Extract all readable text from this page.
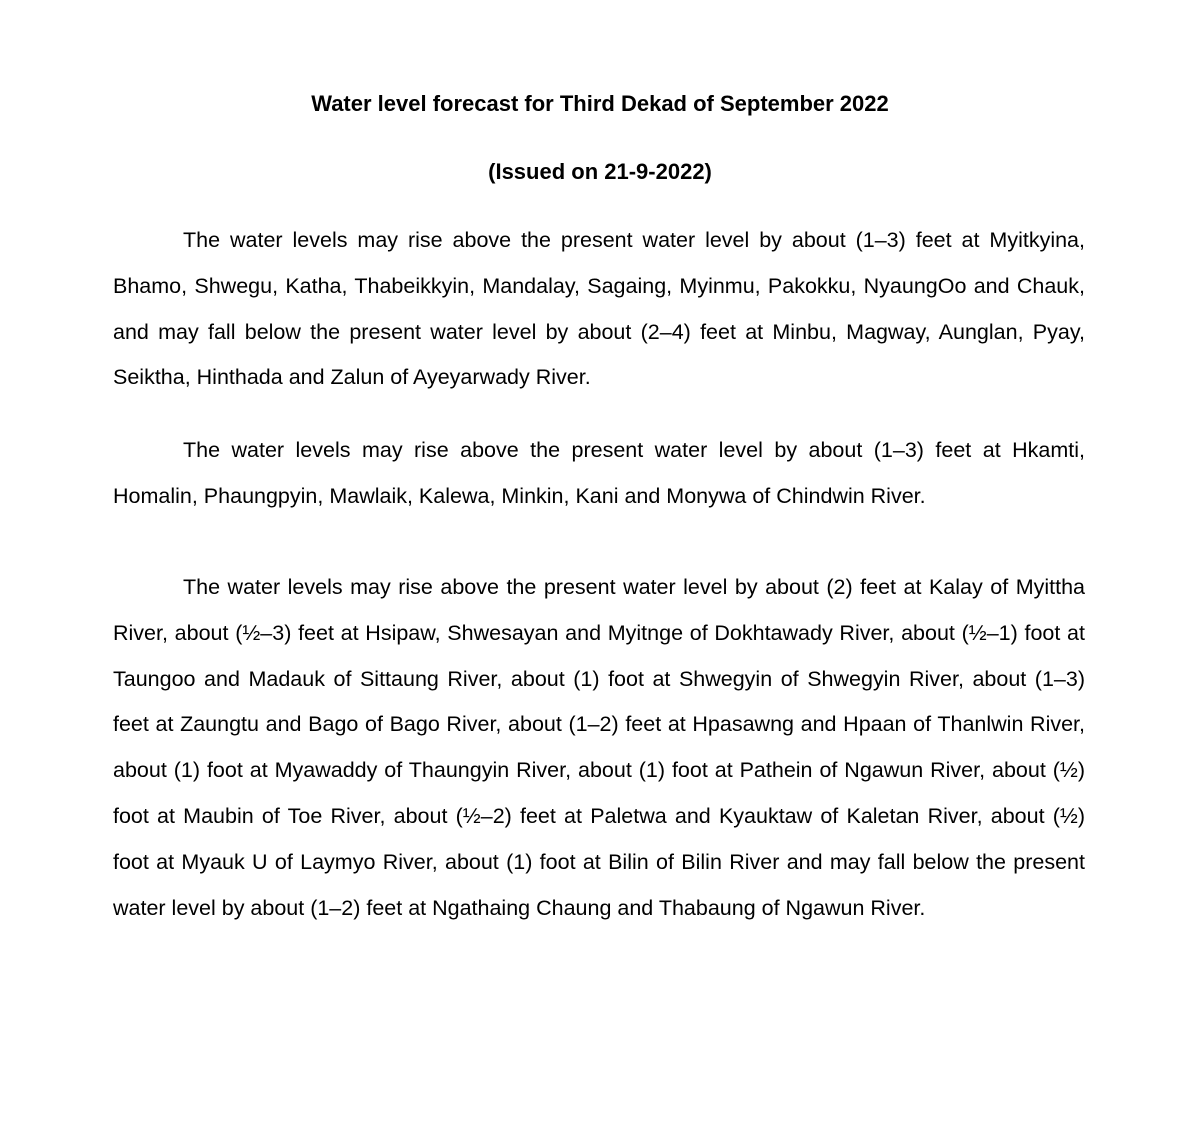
Water level forecast for Third Dekad of September 2022
(Issued on 21-9-2022)

The water levels may rise above the present water level by about (1–3) feet at Myitkyina, Bhamo, Shwegu, Katha, Thabeikkyin, Mandalay, Sagaing, Myinmu, Pakokku, NyaungOo and Chauk, and may fall below the present water level by about (2–4) feet at Minbu, Magway, Aunglan, Pyay, Seiktha, Hinthada and Zalun of Ayeyarwady River.

The water levels may rise above the present water level by about (1–3) feet at Hkamti, Homalin, Phaungpyin, Mawlaik, Kalewa, Minkin, Kani and Monywa of Chindwin River.

The water levels may rise above the present water level by about (2) feet at Kalay of Myittha River, about (½–3) feet at Hsipaw, Shwesayan and Myitnge of Dokhtawady River, about (½–1) foot at Taungoo and Madauk of Sittaung River, about (1) foot at Shwegyin of Shwegyin River, about (1–3) feet at Zaungtu and Bago of Bago River, about (1–2) feet at Hpasawng and Hpaan of Thanlwin River, about (1) foot at Myawaddy of Thaungyin River, about (1) foot at Pathein of Ngawun River, about (½) foot at Maubin of Toe River, about (½–2) feet at Paletwa and Kyauktaw of Kaletan River, about (½) foot at Myauk U of Laymyo River, about (1) foot at Bilin of Bilin River and may fall below the present water level by about (1–2) feet at Ngathaing Chaung and Thabaung of Ngawun River.
